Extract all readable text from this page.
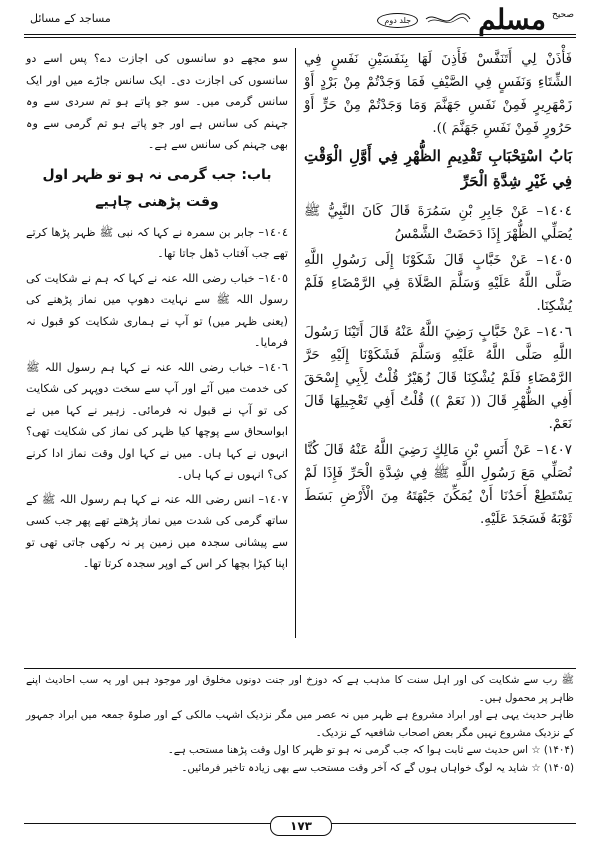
صحیح
مسلم
جلد دوم
مساجد کے مسائل

فَأْذَنْ لِي أَتَنَفَّسْ فَأَذِنَ لَهَا بِنَفَسَيْنِ نَفَسٍ فِي الشِّتَاءِ وَنَفَسٍ فِي الصَّيْفِ فَمَا وَجَدْتُمْ مِنْ بَرْدٍ أَوْ زَمْهَرِيرٍ فَمِنْ نَفَسِ جَهَنَّمَ وَمَا وَجَدْتُمْ مِنْ حَرٍّ أَوْ حَرُورٍ فَمِنْ نَفَسِ جَهَنَّمَ )).

بَابُ اسْتِحْبَابِ تَقْدِيمِ الظُّهْرِ فِي أَوَّلِ الْوَقْتِ فِي غَيْرِ شِدَّةِ الْحَرِّ

١٤٠٤– عَنْ جَابِرِ بْنِ سَمُرَةَ قَالَ كَانَ النَّبِيُّ ﷺ يُصَلِّي الظُّهْرَ إِذَا دَحَضَتْ الشَّمْسُ

١٤٠٥– عَنْ خَبَّابٍ قَالَ شَكَوْنَا إِلَى رَسُولِ اللَّهِ صَلَّى اللَّهُ عَلَيْهِ وَسَلَّمَ الصَّلَاةَ فِي الرَّمْضَاءِ فَلَمْ يُشْكِنَا.

١٤٠٦– عَنْ خَبَّابٍ رَضِيَ اللَّهُ عَنْهُ قَالَ أَتَيْنَا رَسُولَ اللَّهِ صَلَّى اللَّهُ عَلَيْهِ وَسَلَّمَ فَشَكَوْنَا إِلَيْهِ حَرَّ الرَّمْضَاءِ فَلَمْ يُشْكِنَا قَالَ زُهَيْرٌ قُلْتُ لِأَبِي إِسْحَقَ أَفِي الظُّهْرِ قَالَ (( نَعَمْ )) قُلْتُ أَفِي تَعْجِيلِهَا قَالَ نَعَمْ.

١٤٠٧– عَنْ أَنَسِ بْنِ مَالِكٍ رَضِيَ اللَّهُ عَنْهُ قَالَ كُنَّا نُصَلِّي مَعَ رَسُولِ اللَّهِ ﷺ فِي شِدَّةِ الْحَرِّ فَإِذَا لَمْ يَسْتَطِعْ أَحَدُنَا أَنْ يُمَكِّنَ جَبْهَتَهُ مِنَ الْأَرْضِ بَسَطَ ثَوْبَهُ فَسَجَدَ عَلَيْهِ.

سو مجھے دو سانسوں کی اجازت دے؟ پس اسے دو سانسوں کی اجازت دی۔ ایک سانس جاڑے میں اور ایک سانس گرمی میں۔ سو جو پاتے ہو تم سردی سے وہ جہنم کی سانس ہے اور جو پاتے ہو تم گرمی سے وہ بھی جہنم کی سانس سے ہے۔

باب: جب گرمی نہ ہو تو ظہر اول وقت پڑھنی چاہیے

١٤٠٤– جابر بن سمرہ نے کہا کہ نبی ﷺ ظہر پڑھا کرتے تھے جب آفتاب ڈھل جاتا تھا۔

١٤٠٥– خباب رضی اللہ عنہ نے کہا کہ ہم نے شکایت کی رسول اللہ ﷺ سے نہایت دھوپ میں نماز پڑھنے کی (یعنی ظہر میں) تو آپ نے ہماری شکایت کو قبول نہ فرمایا۔

١٤٠٦– خباب رضی اللہ عنہ نے کہا ہم رسول اللہ ﷺ کی خدمت میں آئے اور آپ سے سخت دوپہر کی شکایت کی تو آپ نے قبول نہ فرمائی۔ زہیر نے کہا میں نے ابواسحاق سے پوچھا کیا ظہر کی نماز کی شکایت تھی؟ انہوں نے کہا ہاں۔ میں نے کہا اول وقت نماز ادا کرنے کی؟ انہوں نے کہا ہاں۔

١٤٠٧– انس رضی اللہ عنہ نے کہا ہم رسول اللہ ﷺ کے ساتھ گرمی کی شدت میں نماز پڑھتے تھے پھر جب کسی سے پیشانی سجدہ میں زمین پر نہ رکھی جاتی تھی تو اپنا کپڑا بچھا کر اس کے اوپر سجدہ کرتا تھا۔

ﷺ رب سے شکایت کی اور اہل سنت کا مذہب ہے کہ دوزخ اور جنت دونوں مخلوق اور موجود ہیں اور یہ سب احادیث اپنے ظاہر پر محمول ہیں۔

ظاہر حدیث یہی ہے اور ابراد مشروع ہے ظہر میں نہ عصر میں مگر نزدیک اشہب مالکی کے اور صلوۃ جمعہ میں ابراد جمہور کے نزدیک مشروع نہیں مگر بعض اصحاب شافعیہ کے نزدیک۔

(۱۴۰۴) ☆ اس حدیث سے ثابت ہوا کہ جب گرمی نہ ہو تو ظہر کا اول وقت پڑھنا مستحب ہے۔

(۱۴۰۵) ☆ شاید یہ لوگ خواہاں ہوں گے کہ آخر وقت مستحب سے بھی زیادہ تاخیر فرمائیں۔

۱۷۳
